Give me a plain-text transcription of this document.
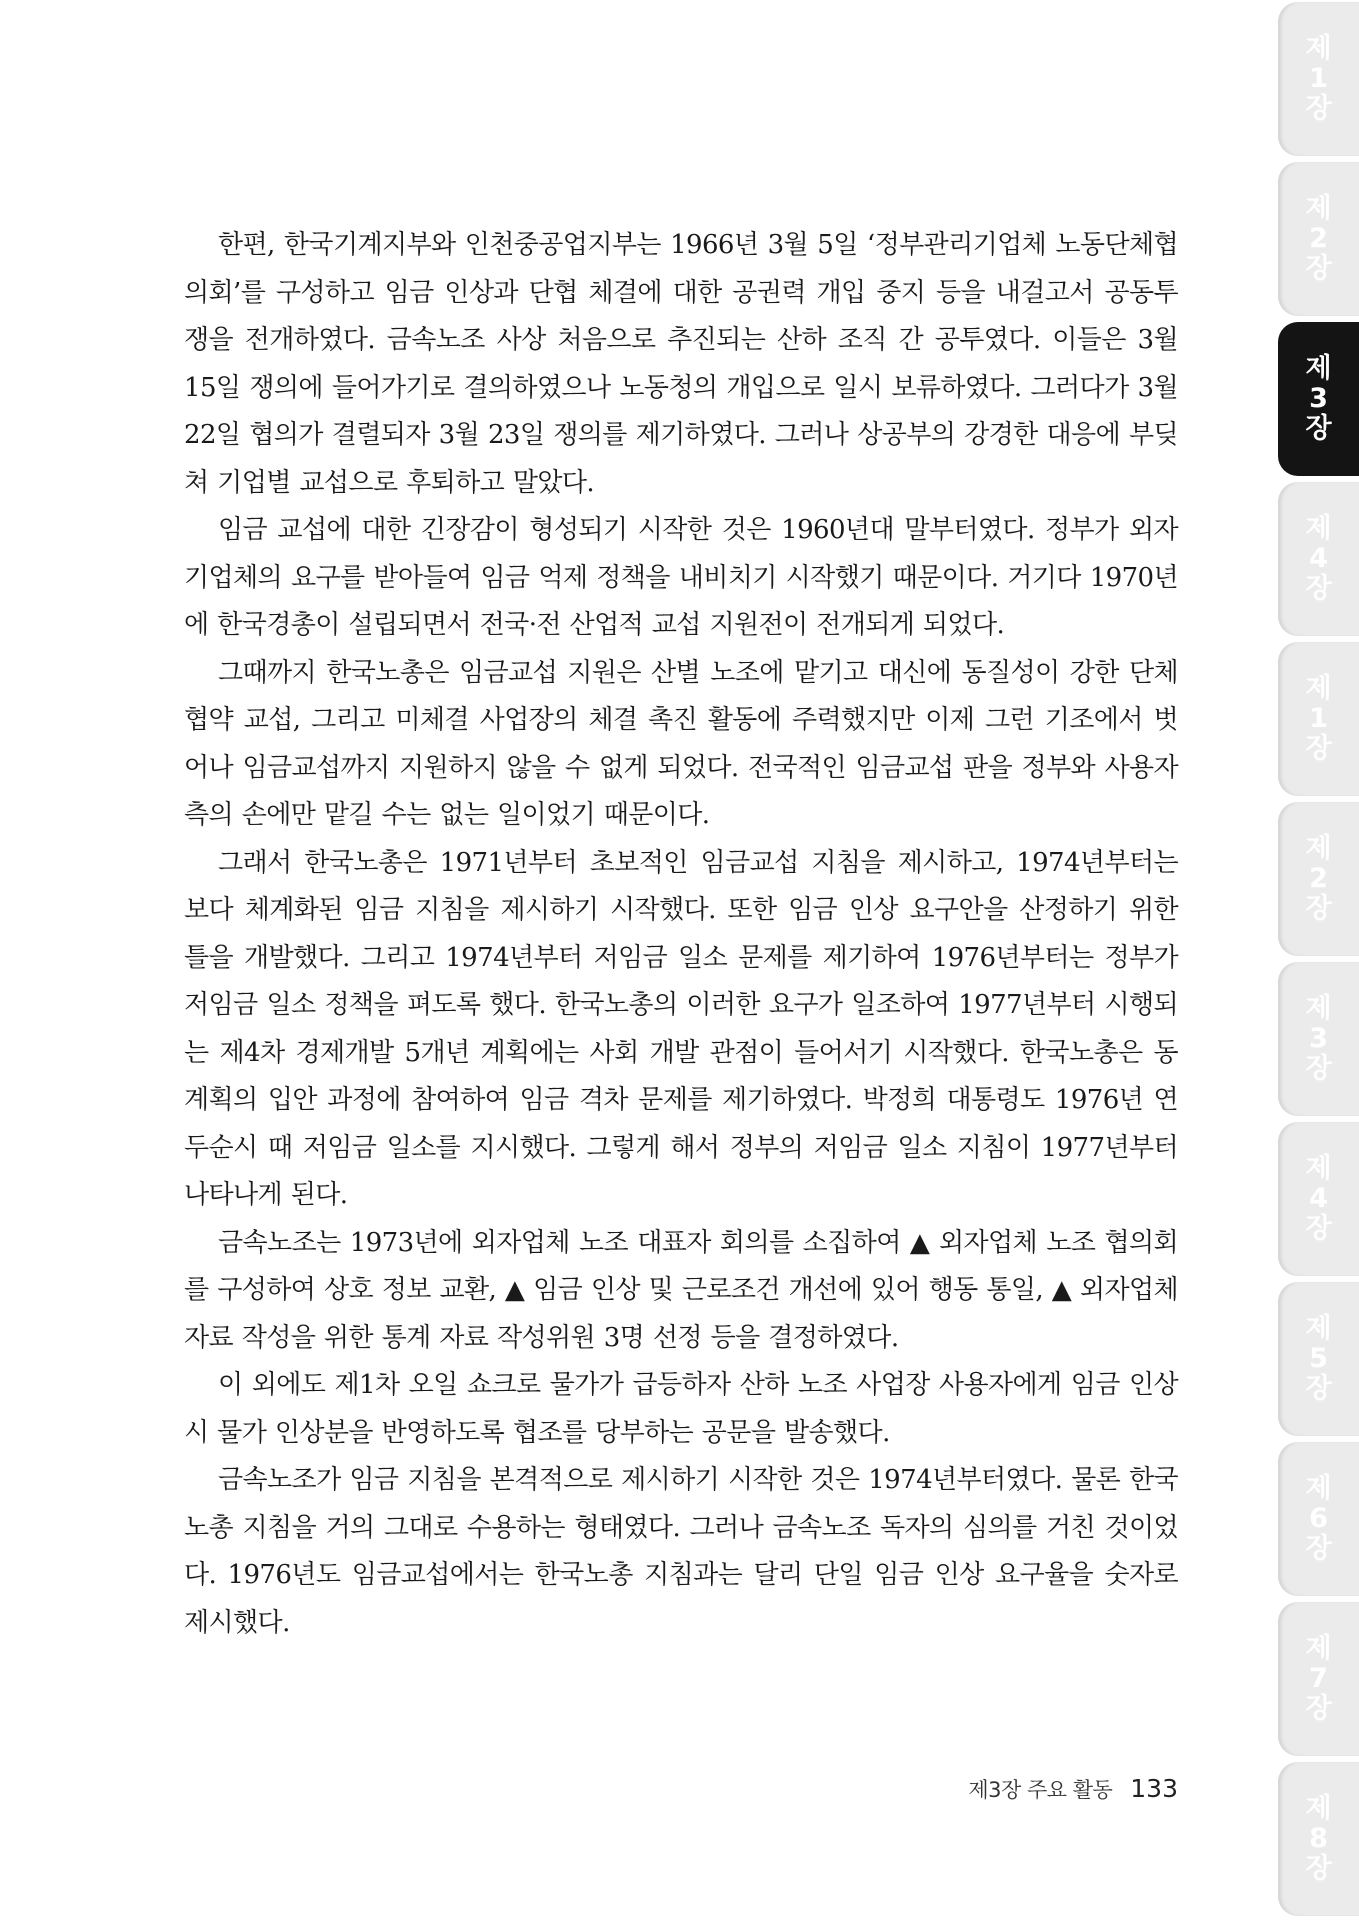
한편, 한국기계지부와 인천중공업지부는 1966년 3월 5일 ‘정부관리기업체 노동단체협의회’를 구성하고 임금 인상과 단협 체결에 대한 공권력 개입 중지 등을 내걸고서 공동투쟁을 전개하였다. 금속노조 사상 처음으로 추진되는 산하 조직 간 공투였다. 이들은 3월 15일 쟁의에 들어가기로 결의하였으나 노동청의 개입으로 일시 보류하였다. 그러다가 3월 22일 협의가 결렬되자 3월 23일 쟁의를 제기하였다. 그러나 상공부의 강경한 대응에 부딪쳐 기업별 교섭으로 후퇴하고 말았다.

임금 교섭에 대한 긴장감이 형성되기 시작한 것은 1960년대 말부터였다. 정부가 외자기업체의 요구를 받아들여 임금 억제 정책을 내비치기 시작했기 때문이다. 거기다 1970년에 한국경총이 설립되면서 전국·전 산업적 교섭 지원전이 전개되게 되었다.

그때까지 한국노총은 임금교섭 지원은 산별 노조에 맡기고 대신에 동질성이 강한 단체협약 교섭, 그리고 미체결 사업장의 체결 촉진 활동에 주력했지만 이제 그런 기조에서 벗어나 임금교섭까지 지원하지 않을 수 없게 되었다. 전국적인 임금교섭 판을 정부와 사용자 측의 손에만 맡길 수는 없는 일이었기 때문이다.

그래서 한국노총은 1971년부터 초보적인 임금교섭 지침을 제시하고, 1974년부터는 보다 체계화된 임금 지침을 제시하기 시작했다. 또한 임금 인상 요구안을 산정하기 위한 틀을 개발했다. 그리고 1974년부터 저임금 일소 문제를 제기하여 1976년부터는 정부가 저임금 일소 정책을 펴도록 했다. 한국노총의 이러한 요구가 일조하여 1977년부터 시행되는 제4차 경제개발 5개년 계획에는 사회 개발 관점이 들어서기 시작했다. 한국노총은 동 계획의 입안 과정에 참여하여 임금 격차 문제를 제기하였다. 박정희 대통령도 1976년 연두순시 때 저임금 일소를 지시했다. 그렇게 해서 정부의 저임금 일소 지침이 1977년부터 나타나게 된다.

금속노조는 1973년에 외자업체 노조 대표자 회의를 소집하여 ▲ 외자업체 노조 협의회를 구성하여 상호 정보 교환, ▲ 임금 인상 및 근로조건 개선에 있어 행동 통일, ▲ 외자업체 자료 작성을 위한 통계 자료 작성위원 3명 선정 등을 결정하였다.

이 외에도 제1차 오일 쇼크로 물가가 급등하자 산하 노조 사업장 사용자에게 임금 인상 시 물가 인상분을 반영하도록 협조를 당부하는 공문을 발송했다.

금속노조가 임금 지침을 본격적으로 제시하기 시작한 것은 1974년부터였다. 물론 한국노총 지침을 거의 그대로 수용하는 형태였다. 그러나 금속노조 독자의 심의를 거친 것이었다. 1976년도 임금교섭에서는 한국노총 지침과는 달리 단일 임금 인상 요구율을 숫자로 제시했다.

제3장 주요 활동 133
제
1
장
제
2
장
제
3
장
제
4
장
제
1
장
제
2
장
제
3
장
제
4
장
제
5
장
제
6
장
제
7
장
제
8
장
